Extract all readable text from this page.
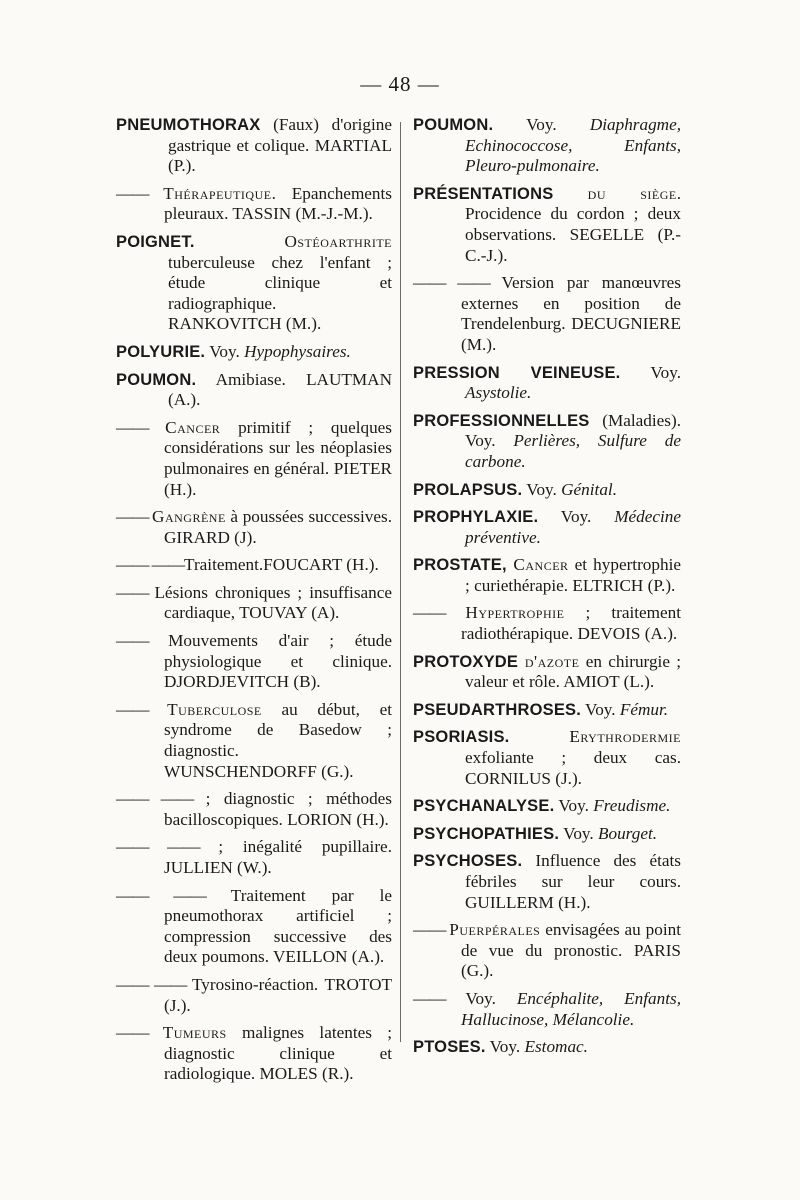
— 48 —

PNEUMOTHORAX (Faux) d'origine gastrique et colique. MARTIAL (P.).

—— Thérapeutique. Epanchements pleuraux. TASSIN (M.-J.-M.).

POIGNET. Ostéoarthrite tuberculeuse chez l'enfant ; étude clinique et radiographique. RANKOVITCH (M.).

POLYURIE. Voy. Hypophysaires.

POUMON. Amibiase. LAUTMAN (A.).

—— Cancer primitif ; quelques considérations sur les néoplasies pulmonaires en général. PIETER (H.).

—— Gangrène à poussées successives. GIRARD (J).

—— ——Traitement.FOUCART (H.).

—— Lésions chroniques ; insuffisance cardiaque, TOUVAY (A).

—— Mouvements d'air ; étude physiologique et clinique. DJORDJEVITCH (B).

—— Tuberculose au début, et syndrome de Basedow ; diagnostic. WUNSCHENDORFF (G.).

—— —— ; diagnostic ; méthodes bacilloscopiques. LORION (H.).

—— —— ; inégalité pupillaire. JULLIEN (W.).

—— —— Traitement par le pneumothorax artificiel ; compression successive des deux poumons. VEILLON (A.).

—— —— Tyrosino-réaction. TROTOT (J.).

—— Tumeurs malignes latentes ; diagnostic clinique et radiologique. MOLES (R.).

POUMON. Voy. Diaphragme, Echinococcose, Enfants, Pleuro-pulmonaire.

PRÉSENTATIONS du siège. Procidence du cordon ; deux observations. SEGELLE (P.-C.-J.).

—— —— Version par manœuvres externes en position de Trendelenburg. DECUGNIERE (M.).

PRESSION VEINEUSE. Voy. Asystolie.

PROFESSIONNELLES (Maladies). Voy. Perlières, Sulfure de carbone.

PROLAPSUS. Voy. Génital.

PROPHYLAXIE. Voy. Médecine préventive.

PROSTATE, Cancer et hypertrophie ; curiethérapie. ELTRICH (P.).

—— Hypertrophie ; traitement radiothérapique. DEVOIS (A.).

PROTOXYDE d'azote en chirurgie ; valeur et rôle. AMIOT (L.).

PSEUDARTHROSES. Voy. Fémur.

PSORIASIS. Erythrodermie exfoliante ; deux cas. CORNILUS (J.).

PSYCHANALYSE. Voy. Freudisme.

PSYCHOPATHIES. Voy. Bourget.

PSYCHOSES. Influence des états fébriles sur leur cours. GUILLERM (H.).

—— Puerpérales envisagées au point de vue du pronostic. PARIS (G.).

—— Voy. Encéphalite, Enfants, Hallucinose, Mélancolie.

PTOSES. Voy. Estomac.
